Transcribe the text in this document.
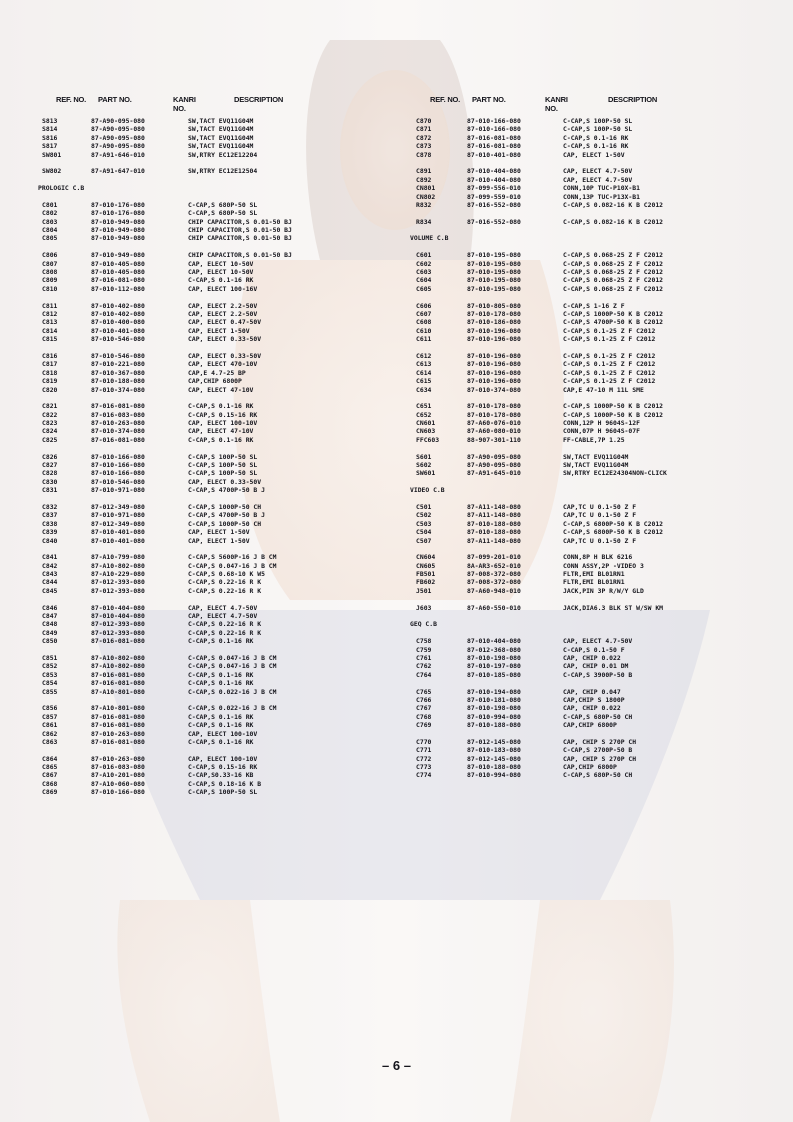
REF. NO. PART NO.	KANRI NO.
DESCRIPTION
S813	87-A90-095-080	SW,TACT EVQ11G04M
S814	87-A90-095-080	SW,TACT EVQ11G04M
S816	87-A90-095-080	SW,TACT EVQ11G04M
S817	87-A90-095-080	SW,TACT EVQ11G04M
SW801	87-A91-646-010	SW,RTRY EC12E12204
SW802	87-A91-647-010	SW,RTRY EC12E12504
PROLOGIC C.B
C801	87-010-176-080	C-CAP,S 680P-50 SL
C802	87-010-176-080	C-CAP,S 680P-50 SL
C803	87-010-949-080	CHIP CAPACITOR,S 0.01-50 BJ
C804	87-010-949-080	CHIP CAPACITOR,S 0.01-50 BJ
C805	87-010-949-080	CHIP CAPACITOR,S 0.01-50 BJ
C806	87-010-949-080	CHIP CAPACITOR,S 0.01-50 BJ
C807	87-010-405-080	CAP, ELECT 10-50V
C808	87-010-405-080	CAP, ELECT 10-50V
C809	87-016-081-080	C-CAP,S 0.1-16 RK
C810	87-010-112-080	CAP, ELECT 100-16V
C811	87-010-402-080	CAP, ELECT 2.2-50V
C812	87-010-402-080	CAP, ELECT 2.2-50V
C813	87-010-400-080	CAP, ELECT 0.47-50V
C814	87-010-401-080	CAP, ELECT 1-50V
C815	87-010-546-080	CAP, ELECT 0.33-50V
C816	87-010-546-080	CAP, ELECT 0.33-50V
C817	87-010-221-080	CAP, ELECT 470-10V
C818	87-010-367-080	CAP,E 4.7-25 BP
C819	87-010-188-080	CAP,CHIP 6800P
C820	87-010-374-080	CAP, ELECT 47-10V
C821	87-016-081-080	C-CAP,S 0.1-16 RK
C822	87-016-083-080	C-CAP,S 0.15-16 RK
C823	87-010-263-080	CAP, ELECT 100-10V
C824	87-010-374-080	CAP, ELECT 47-10V
C825	87-016-081-080	C-CAP,S 0.1-16 RK
C826	87-010-166-080	C-CAP,S 100P-50 SL
C827	87-010-166-080	C-CAP,S 100P-50 SL
C828	87-010-166-080	C-CAP,S 100P-50 SL
C830	87-010-546-080	CAP, ELECT 0.33-50V
C831	87-010-971-080	C-CAP,S 4700P-50 B J
C832	87-012-349-080	C-CAP,S 1000P-50 CH
C837	87-010-971-080	C-CAP,S 4700P-50 B J
C838	87-012-349-080	C-CAP,S 1000P-50 CH
C839	87-010-401-080	CAP, ELECT 1-50V
C840	87-010-401-080	CAP, ELECT 1-50V
C841	87-A10-799-080	C-CAP,S 5600P-16 J B CM
C842	87-A10-802-080	C-CAP,S 0.047-16 J B CM
C843	87-A10-229-080	C-CAP,S 0.68-10 K W5
C844	87-012-393-080	C-CAP,S 0.22-16 R K
C845	87-012-393-080	C-CAP,S 0.22-16 R K
C846	87-010-404-080	CAP, ELECT 4.7-50V
C847	87-010-404-080	CAP, ELECT 4.7-50V
C848	87-012-393-080	C-CAP,S 0.22-16 R K
C849	87-012-393-080	C-CAP,S 0.22-16 R K
C850	87-016-081-080	C-CAP,S 0.1-16 RK
C851	87-A10-802-080	C-CAP,S 0.047-16 J B CM
C852	87-A10-802-080	C-CAP,S 0.047-16 J B CM
C853	87-016-081-080	C-CAP,S 0.1-16 RK
C854	87-016-081-080	C-CAP,S 0.1-16 RK
C855	87-A10-801-080	C-CAP,S 0.022-16 J B CM
C856	87-A10-801-080	C-CAP,S 0.022-16 J B CM
C857	87-016-081-080	C-CAP,S 0.1-16 RK
C861	87-016-081-080	C-CAP,S 0.1-16 RK
C862	87-010-263-080	CAP, ELECT 100-10V
C863	87-016-081-080	C-CAP,S 0.1-16 RK
C864	87-010-263-080	CAP, ELECT 100-10V
C865	87-016-083-080	C-CAP,S 0.15-16 RK
C867	87-A10-201-080	C-CAP,S0.33-16 KB
C868	87-A10-060-080	C-CAP,S 0.18-16 K B
C869	87-010-166-080	C-CAP,S 100P-50 SL
REF. NO. PART NO.	KANRI NO.
DESCRIPTION
C870	87-010-166-080	C-CAP,S 100P-50 SL
C871	87-010-166-080	C-CAP,S 100P-50 SL
C872	87-016-081-080	C-CAP,S 0.1-16 RK
C873	87-016-081-080	C-CAP,S 0.1-16 RK
C878	87-010-401-080	CAP, ELECT 1-50V
C891	87-010-404-080	CAP, ELECT 4.7-50V
C892	87-010-404-080	CAP, ELECT 4.7-50V
CN801	87-099-556-010	CONN,10P TUC-P10X-B1
CN802	87-099-559-010	CONN,13P TUC-P13X-B1
R832	87-016-552-080	C-CAP,S 0.082-16 K B C2012
R834	87-016-552-080	C-CAP,S 0.082-16 K B C2012
VOLUME C.B
C601	87-010-195-080	C-CAP,S 0.068-25 Z F C2012
C602	87-010-195-080	C-CAP,S 0.068-25 Z F C2012
C603	87-010-195-080	C-CAP,S 0.068-25 Z F C2012
C604	87-010-195-080	C-CAP,S 0.068-25 Z F C2012
C605	87-010-195-080	C-CAP,S 0.068-25 Z F C2012
C606	87-010-805-080	C-CAP,S 1-16 Z F
C607	87-010-178-080	C-CAP,S 1000P-50 K B C2012
C608	87-010-186-080	C-CAP,S 4700P-50 K B C2012
C610	87-010-196-080	C-CAP,S 0.1-25 Z F C2012
C611	87-010-196-080	C-CAP,S 0.1-25 Z F C2012
C612	87-010-196-080	C-CAP,S 0.1-25 Z F C2012
C613	87-010-196-080	C-CAP,S 0.1-25 Z F C2012
C614	87-010-196-080	C-CAP,S 0.1-25 Z F C2012
C615	87-010-196-080	C-CAP,S 0.1-25 Z F C2012
C634	87-010-374-080	CAP,E 47-10 M 11L SME
C651	87-010-178-080	C-CAP,S 1000P-50 K B C2012
C652	87-010-178-080	C-CAP,S 1000P-50 K B C2012
CN601	87-A60-076-010	CONN,12P H 9604S-12F
CN603	87-A60-080-010	CONN,07P H 9604S-07F
FFC603	88-907-301-110	FF-CABLE,7P 1.25
S601	87-A90-095-080	SW,TACT EVQ11G04M
S602	87-A90-095-080	SW,TACT EVQ11G04M
SW601	87-A91-645-010	SW,RTRY EC12E24304NON-CLICK
VIDEO C.B
C501	87-A11-148-080	CAP,TC U 0.1-50 Z F
C502	87-A11-148-080	CAP,TC U 0.1-50 Z F
C503	87-010-188-080	C-CAP,S 6800P-50 K B C2012
C504	87-010-188-080	C-CAP,S 6800P-50 K B C2012
C507	87-A11-148-080	CAP,TC U 0.1-50 Z F
CN604	87-099-201-010	CONN,8P H BLK 6216
CN605	8A-AR3-652-010	CONN ASSY,2P -VIDEO 3
FB501	87-008-372-080	FLTR,EMI BL01RN1
FB602	87-008-372-080	FLTR,EMI BL01RN1
J501	87-A60-948-010	JACK,PIN 3P R/W/Y GLD
J603	87-A60-550-010	JACK,DIA6.3 BLK ST W/SW KM
GEQ C.B
C758	87-010-404-080	CAP, ELECT 4.7-50V
C759	87-012-368-080	C-CAP,S 0.1-50 F
C761	87-010-198-080	CAP, CHIP 0.022
C762	87-010-197-080	CAP, CHIP 0.01 DM
C764	87-010-185-080	C-CAP,S 3900P-50 B
C765	87-010-194-080	CAP, CHIP 0.047
C766	87-010-181-080	CAP,CHIP S 1800P
C767	87-010-198-080	CAP, CHIP 0.022
C768	87-010-994-080	C-CAP,S 680P-50 CH
C769	87-010-188-080	CAP,CHIP 6800P
C770	87-012-145-080	CAP, CHIP S 270P CH
C771	87-010-183-080	C-CAP,S 2700P-50 B
C772	87-012-145-080	CAP, CHIP S 270P CH
C773	87-010-188-080	CAP,CHIP 6800P
C774	87-010-994-080	C-CAP,S 680P-50 CH
– 6 –
